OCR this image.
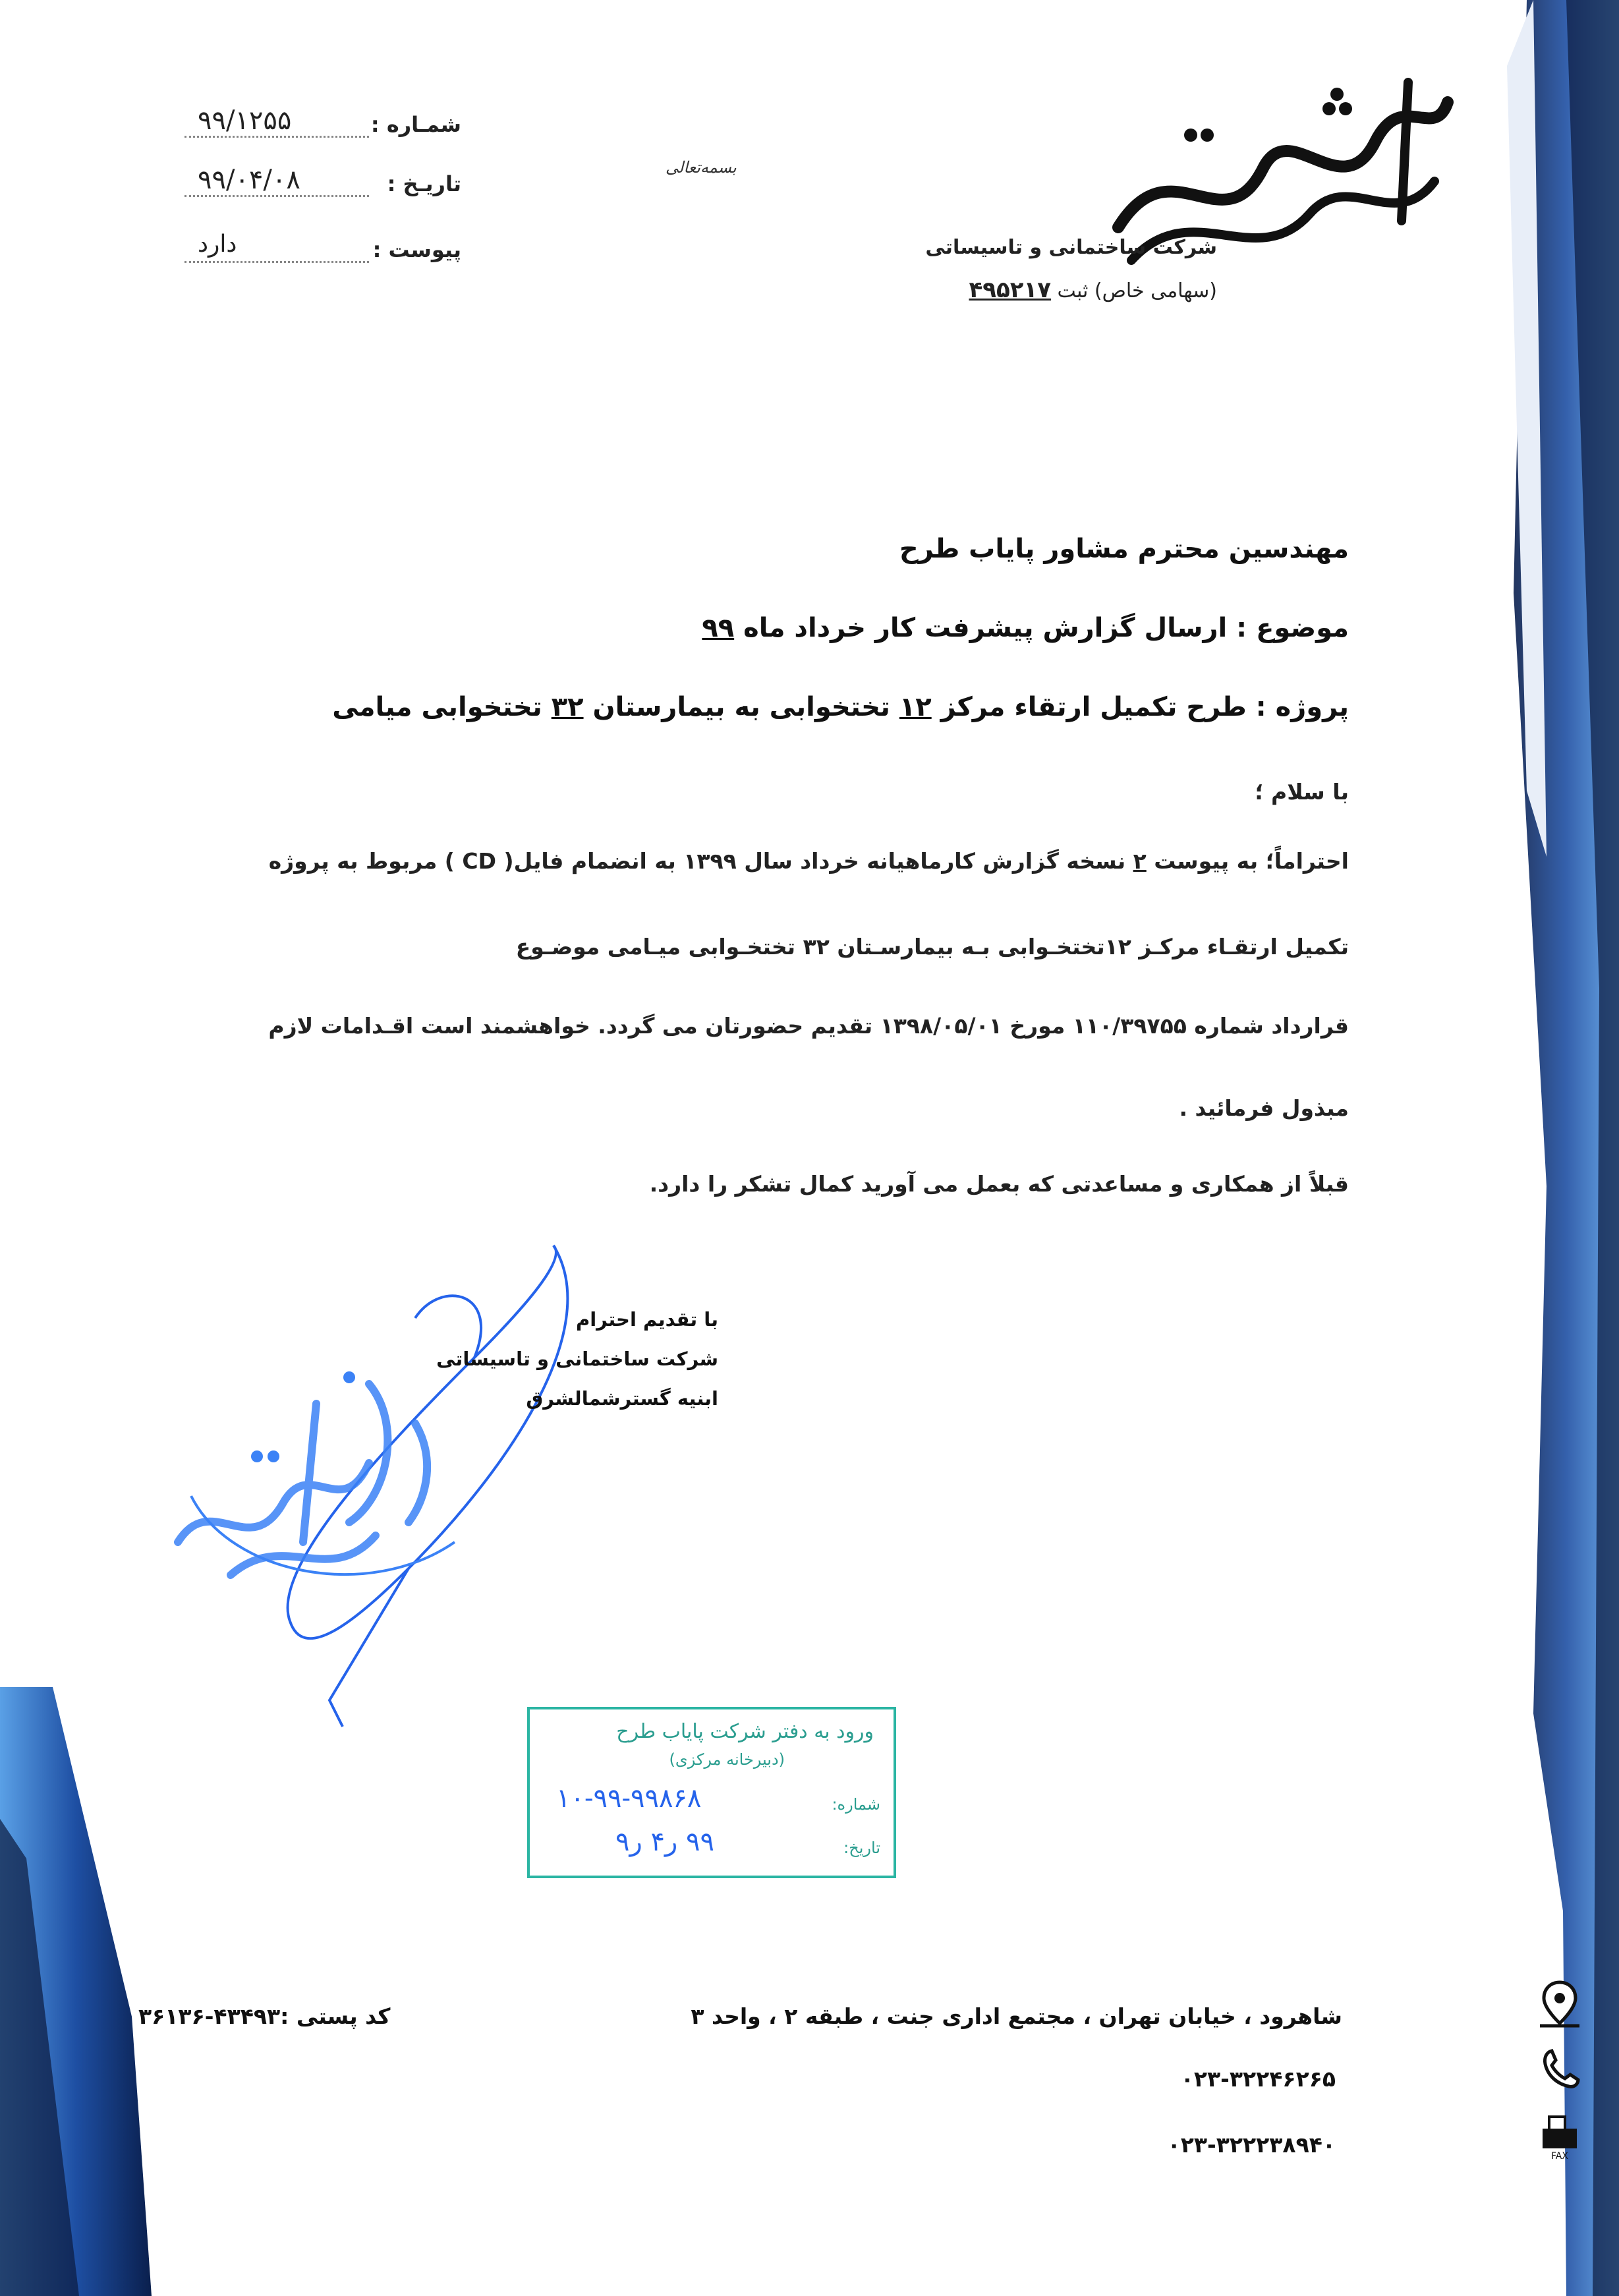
شرکت ساختمانی و تاسیساتی
(سهامی خاص) ثبت ۴۹۵۲۱۷
بسمه‌تعالی
شمـاره :
۹۹/۱۲۵۵
تاریـخ :
۹۹/۰۴/۰۸
پیوست :
دارد
مهندسین محترم مشاور پایاب طرح
موضوع : ارسال گزارش پیشرفت کار خرداد ماه ۹۹
پروژه : طرح تکمیل ارتقاء مرکز ۱۲ تختخوابی به بیمارستان ۳۲ تختخوابی میامی
با سلام ؛
احتراماً؛ به پیوست ۲ نسخه گزارش کارماهیانه خرداد سال ۱۳۹۹ به انضمام فایل( CD ) مربوط به پروژه
تکمیل ارتقـاء مرکـز ۱۲تختخـوابی بـه بیمارسـتان ۳۲ تختخـوابی میـامی موضـوع
قرارداد شماره ۱۱۰/۳۹۷۵۵ مورخ ۱۳۹۸/۰۵/۰۱ تقدیم حضورتان می گردد. خواهشمند است اقـدامات لازم
مبذول فرمائید .
قبلاً از همکاری و مساعدتی که بعمل می آورید کمال تشکر را دارد.
با تقدیم احترام
شرکت ساختمانی و تاسیساتی
ابنیه گسترشمالشرق
ورود به دفتر شرکت پایاب طرح
(دبیرخانه مرکزی)
شماره:
۱۰-۹۹-۹۹۸۶۸
تاریخ:
۹۹ ر۴ ر۹
شاهرود ، خیابان تهران ، مجتمع اداری جنت ، طبقه ۲ ، واحد ۳
کد پستی :۴۳۴۹۳-۳۶۱۳۶
۰۲۳-۳۲۲۴۶۲۶۵
۰۲۳-۳۲۲۲۳۸۹۴۰	FAX
